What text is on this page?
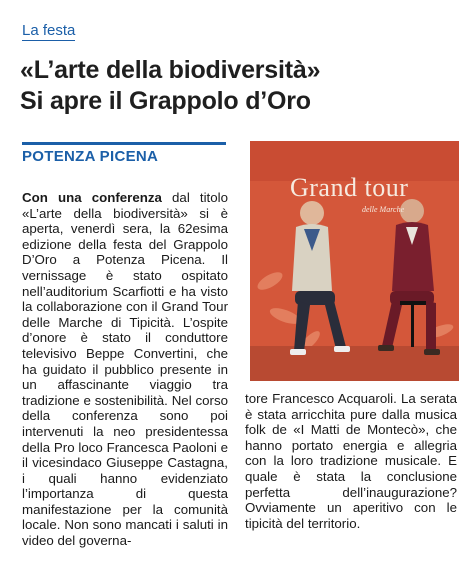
La festa
«L’arte della biodiversità»
Si apre il Grappolo d’Oro
POTENZA PICENA
Con una conferenza dal titolo «L’arte della biodiversità» si è aperta, venerdì sera, la 62esima edizione della festa del Grappolo D’Oro a Potenza Picena. Il vernissage è stato ospitato nell’auditorium Scarfiotti e ha visto la collaborazione con il Grand Tour delle Marche di Tipicità. L’ospite d’onore è stato il conduttore televisivo Beppe Convertini, che ha guidato il pubblico presente in un affascinante viaggio tra tradizione e sostenibilità. Nel corso della conferenza sono poi intervenuti la neo presidentessa della Pro loco Francesca Paoloni e il vicesindaco Giuseppe Castagna, i quali hanno evidenziato l’importanza di questa manifestazione per la comunità locale. Non sono mancati i saluti in video del governa-
Grand tour
delle Marche
tore Francesco Acquaroli. La serata è stata arricchita pure dalla musica folk de «I Matti de Montecò», che hanno portato energia e allegria con la loro tradizione musicale. E quale è stata la conclusione perfetta dell’inaugurazione? Ovviamente un aperitivo con le tipicità del territorio.
